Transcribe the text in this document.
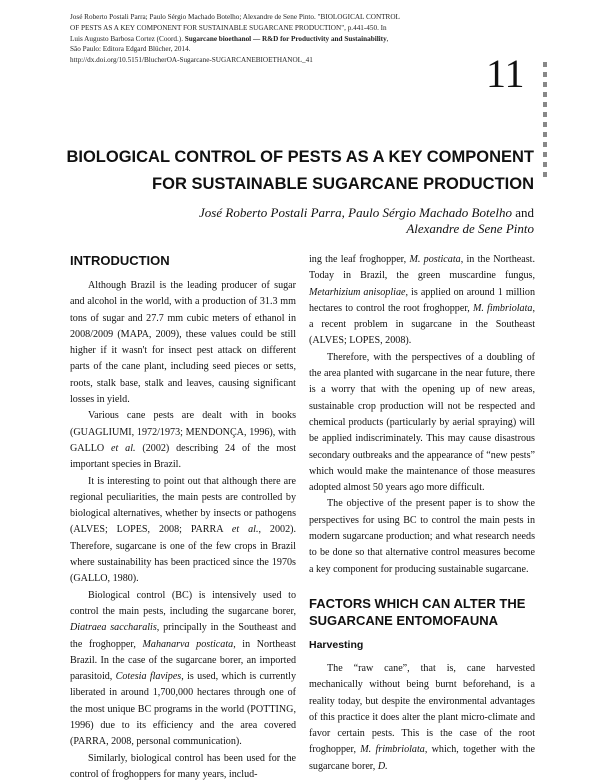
José Roberto Postali Parra; Paulo Sérgio Machado Botelho; Alexandre de Sene Pinto. "BIOLOGICAL CONTROL OF PESTS AS A KEY COMPONENT FOR SUSTAINABLE SUGARCANE PRODUCTION", p.441-450. In Luis Augusto Barbosa Cortez (Coord.). Sugarcane bioethanol — R&D for Productivity and Sustainability, São Paulo: Editora Edgard Blücher, 2014.

http://dx.doi.org/10.5151/BlucherOA-Sugarcane-SUGARCANEBIOETHANOL_41	11
BIOLOGICAL CONTROL OF PESTS AS A KEY COMPONENT
FOR SUSTAINABLE SUGARCANE PRODUCTION
José Roberto Postali Parra, Paulo Sérgio Machado Botelho and
Alexandre de Sene Pinto
INTRODUCTION

Although Brazil is the leading producer of sugar and alcohol in the world, with a production of 31.3 mm tons of sugar and 27.7 mm cubic meters of ethanol in 2008/2009 (MAPA, 2009), these values could be still higher if it wasn't for insect pest attack on different parts of the cane plant, including seed pieces or setts, roots, stalk base, stalk and leaves, causing significant losses in yield.

Various cane pests are dealt with in books (GUAGLIUMI, 1972/1973; MENDONÇA, 1996), with GALLO et al. (2002) describing 24 of the most important species in Brazil.

It is interesting to point out that although there are regional peculiarities, the main pests are controlled by biological alternatives, whether by insects or pathogens (ALVES; LOPES, 2008; PARRA et al., 2002). Therefore, sugarcane is one of the few crops in Brazil where sustainability has been practiced since the 1970s (GALLO, 1980).

Biological control (BC) is intensively used to control the main pests, including the sugarcane borer, Diatraea saccharalis, principally in the Southeast and the froghopper, Mahanarva posticata, in Northeast Brazil. In the case of the sugarcane borer, an imported parasitoid, Cotesia flavipes, is used, which is currently liberated in around 1,700,000 hectares through one of the most unique BC programs in the world (POTTING, 1996) due to its efficiency and the area covered (PARRA, 2008, personal communication).

Similarly, biological control has been used for the control of froghoppers for many years, includ-

ing the leaf froghopper, M. posticata, in the Northeast. Today in Brazil, the green muscardine fungus, Metarhizium anisopliae, is applied on around 1 million hectares to control the root froghopper, M. fimbriolata, a recent problem in sugarcane in the Southeast (ALVES; LOPES, 2008).

Therefore, with the perspectives of a doubling of the area planted with sugarcane in the near future, there is a worry that with the opening up of new areas, sustainable crop production will not be respected and chemical products (particularly by aerial spraying) will be applied indiscriminately. This may cause disastrous secondary outbreaks and the appearance of “new pests” which would make the maintenance of those measures adopted almost 50 years ago more difficult.

The objective of the present paper is to show the perspectives for using BC to control the main pests in modern sugarcane production; and what research needs to be done so that alternative control measures become a key component for producing sustainable sugarcane.

FACTORS WHICH CAN ALTER THE SUGARCANE ENTOMOFAUNA
Harvesting

The “raw cane”, that is, cane harvested mechanically without being burnt beforehand, is a reality today, but despite the environmental advantages of this practice it does alter the plant micro-climate and favor certain pests. This is the case of the root froghopper, M. frimbriolata, which, together with the sugarcane borer, D.
